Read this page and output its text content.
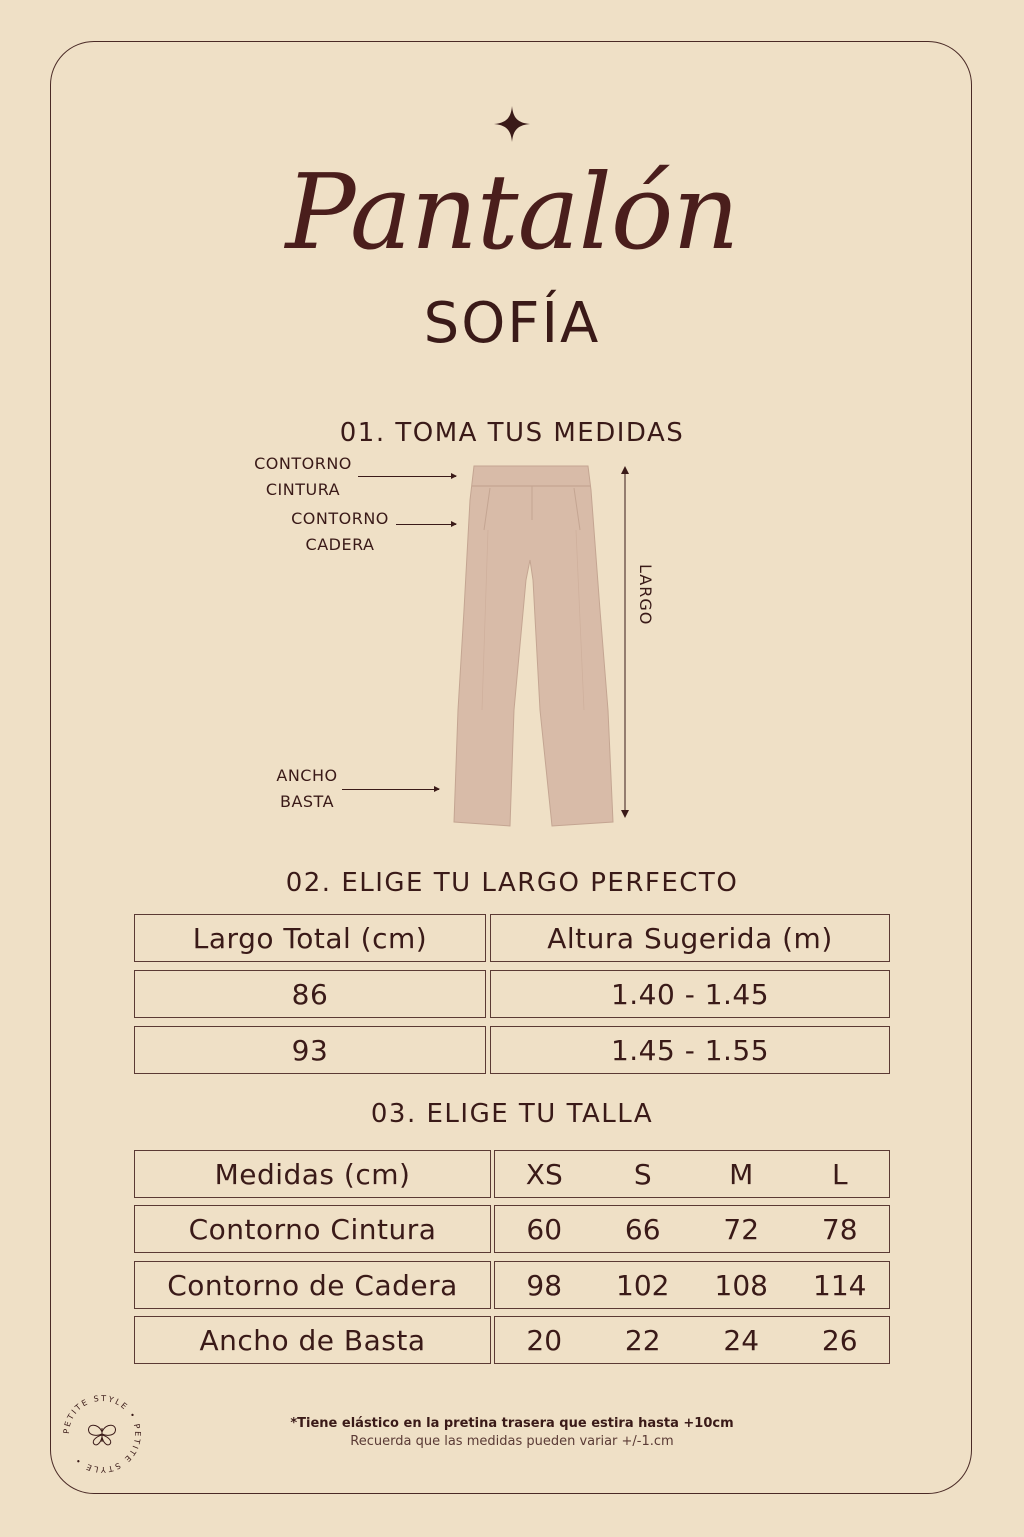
Pantalón
SOFÍA
01. TOMA TUS MEDIDAS
CONTORNO
CINTURA
CONTORNO
CADERA
ANCHO
BASTA
LARGO
02. ELIGE TU LARGO PERFECTO
Largo Total (cm)	Altura Sugerida (m)
86	1.40 - 1.45
93	1.45 - 1.55
03. ELIGE TU TALLA
Medidas (cm)	XS	S	M	L
Contorno Cintura	60	66	72	78
Contorno de Cadera	98	102	108	114
Ancho de Basta	20	22	24	26
*Tiene elástico en la pretina trasera que estira hasta +10cm
Recuerda que las medidas pueden variar +/-1.cm
PETITE STYLE • PETITE STYLE •
